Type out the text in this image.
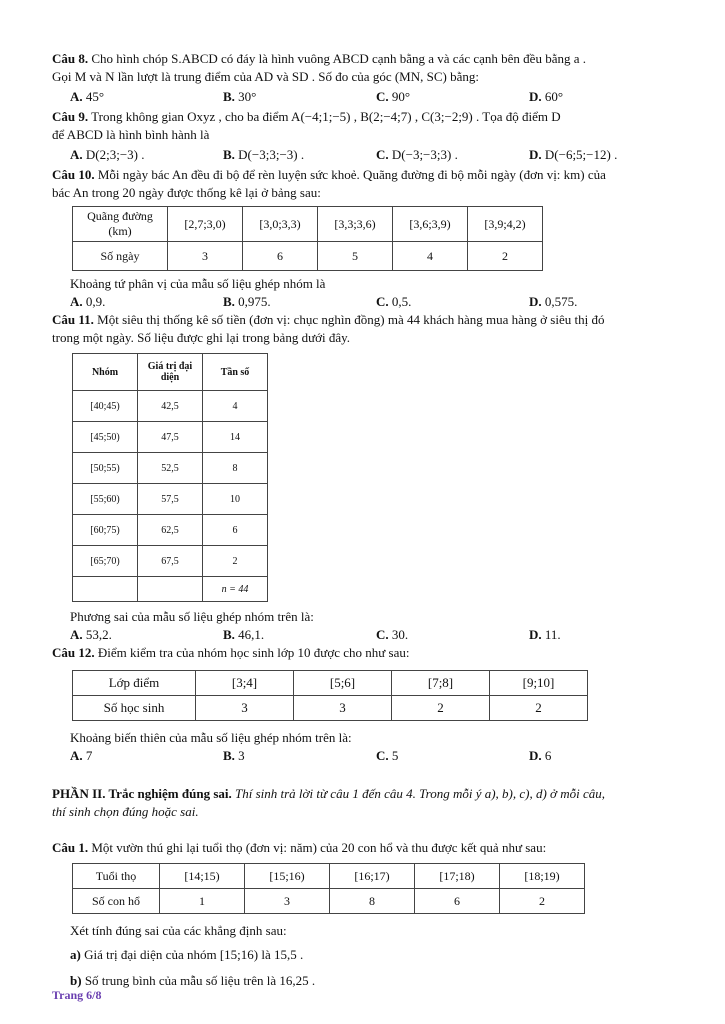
Câu 8. Cho hình chóp S.ABCD có đáy là hình vuông ABCD cạnh bằng a và các cạnh bên đều bằng a .

Gọi M và N lần lượt là trung điểm của AD và SD . Số đo của góc (MN, SC) bằng:

A. 45°	B. 30°	C. 90°	D. 60°

Câu 9. Trong không gian Oxyz , cho ba điểm A(−4;1;−5) , B(2;−4;7) , C(3;−2;9) . Tọa độ điểm D

để ABCD là hình bình hành là

A. D(2;3;−3) .	B. D(−3;3;−3) .	C. D(−3;−3;3) .	D. D(−6;5;−12) .

Câu 10. Mỗi ngày bác An đều đi bộ để rèn luyện sức khoẻ. Quãng đường đi bộ mỗi ngày (đơn vị: km) của

bác An trong 20 ngày được thống kê lại ở bảng sau:

Quãng đường (km)	[2,7;3,0)	[3,0;3,3)	[3,3;3,6)	[3,6;3,9)	[3,9;4,2)
Số ngày	3	6	5	4	2

Khoảng tứ phân vị của mẫu số liệu ghép nhóm là

A. 0,9.	B. 0,975.	C. 0,5.	D. 0,575.

Câu 11. Một siêu thị thống kê số tiền (đơn vị: chục nghìn đồng) mà 44 khách hàng mua hàng ở siêu thị đó

trong một ngày. Số liệu được ghi lại trong bảng dưới đây.

Nhóm	Giá trị đại diện	Tần số
[40;45)	42,5	4
[45;50)	47,5	14
[50;55)	52,5	8
[55;60)	57,5	10
[60;75)	62,5	6
[65;70)	67,5	2
		n = 44

Phương sai của mẫu số liệu ghép nhóm trên là:

A. 53,2.	B. 46,1.	C. 30.	D. 11.

Câu 12. Điểm kiểm tra của nhóm học sinh lớp 10 được cho như sau:

Lớp điểm	[3;4]	[5;6]	[7;8]	[9;10]
Số học sinh	3	3	2	2

Khoảng biến thiên của mẫu số liệu ghép nhóm trên là:

A. 7	B. 3	C. 5	D. 6

PHẦN II. Trắc nghiệm đúng sai. Thí sinh trả lời từ câu 1 đến câu 4. Trong mỗi ý a), b), c), d) ở mỗi câu,

thí sinh chọn đúng hoặc sai.

Câu 1. Một vườn thú ghi lại tuổi thọ (đơn vị: năm) của 20 con hổ và thu được kết quả như sau:

Tuổi thọ	[14;15)	[15;16)	[16;17)	[17;18)	[18;19)
Số con hổ	1	3	8	6	2

Xét tính đúng sai của các khẳng định sau:

a) Giá trị đại diện của nhóm [15;16) là 15,5 .

b) Số trung bình của mẫu số liệu trên là 16,25 .

Trang 6/8
